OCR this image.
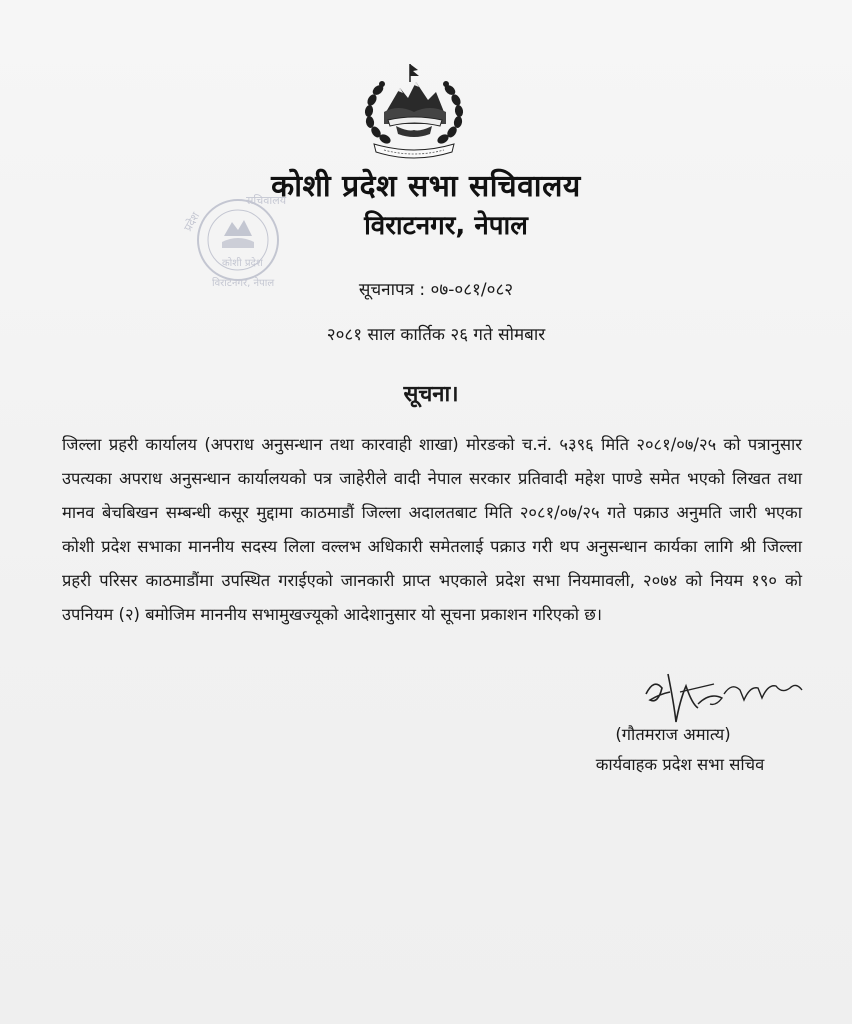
प्रदेश
सचिवालय
कोशी प्रदेश
विराटनगर, नेपाल
कोशी प्रदेश सभा सचिवालय
विराटनगर, नेपाल
सूचनापत्र : ०७-०८१/०८२
२०८१ साल कार्तिक २६ गते सोमबार
सूचना।

जिल्ला प्रहरी कार्यालय (अपराध अनुसन्धान तथा कारवाही शाखा) मोरङको च.नं. ५३९६ मिति २०८१/०७/२५ को पत्रानुसार उपत्यका अपराध अनुसन्धान कार्यालयको पत्र जाहेरीले वादी नेपाल सरकार प्रतिवादी महेश पाण्डे समेत भएको लिखत तथा मानव बेचबिखन सम्बन्धी कसूर मुद्दामा काठमाडौं जिल्ला अदालतबाट मिति २०८१/०७/२५ गते पक्राउ अनुमति जारी भएका कोशी प्रदेश सभाका माननीय सदस्य लिला वल्लभ अधिकारी समेतलाई पक्राउ गरी थप अनुसन्धान कार्यका लागि श्री जिल्ला प्रहरी परिसर काठमाडौंमा उपस्थित गराईएको जानकारी प्राप्त भएकाले प्रदेश सभा नियमावली, २०७४ को नियम १९० को उपनियम (२) बमोजिम माननीय सभामुखज्यूको आदेशानुसार यो सूचना प्रकाशन गरिएको छ।

(गौतमराज अमात्य)
कार्यवाहक प्रदेश सभा सचिव
